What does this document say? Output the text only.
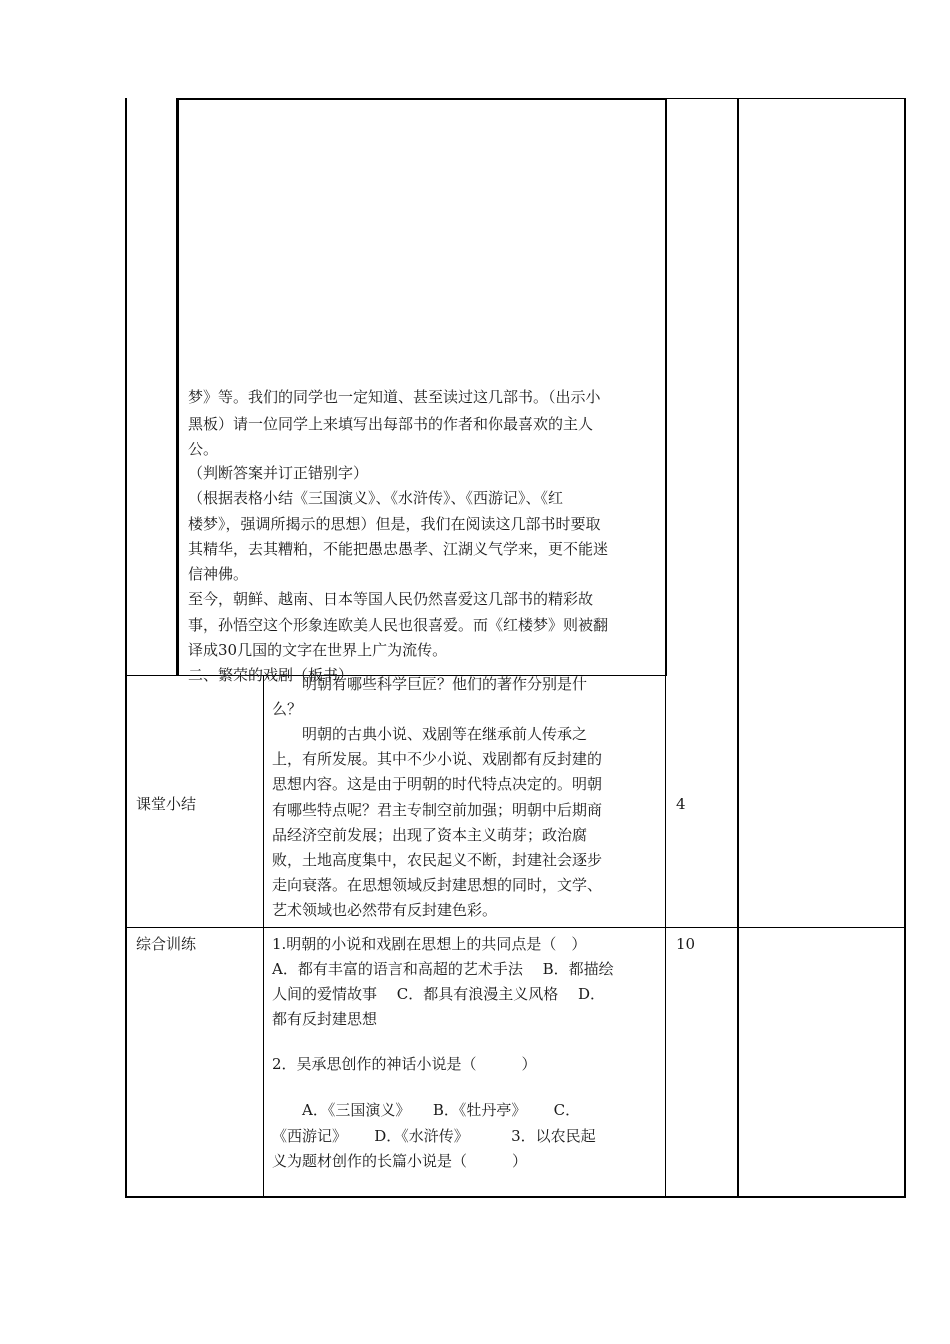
梦》等。我们的同学也一定知道、甚至读过这几部书。（出示小
黑板）请一位同学上来填写出每部书的作者和你最喜欢的主人
公。
（判断答案并订正错别字）
（根据表格小结《三国演义》、《水浒传》、《西游记》、《红
楼梦》，强调所揭示的思想）但是，我们在阅读这几部书时要取
其精华，去其糟粕，不能把愚忠愚孝、江湖义气学来，更不能迷
信神佛。
至今，朝鲜、越南、日本等国人民仍然喜爱这几部书的精彩故
事，孙悟空这个形象连欧美人民也很喜爱。而《红楼梦》则被翻
译成30几国的文字在世界上广为流传。
二、繁荣的戏剧（板书）
课堂小结	4
　　明朝有哪些科学巨匠？他们的著作分别是什
么？
　　明朝的古典小说、戏剧等在继承前人传承之
上，有所发展。其中不少小说、戏剧都有反封建的
思想内容。这是由于明朝的时代特点决定的。明朝
有哪些特点呢？君主专制空前加强；明朝中后期商
品经济空前发展；出现了资本主义萌芽；政治腐
败，土地高度集中，农民起义不断，封建社会逐步
走向衰落。在思想领域反封建思想的同时，文学、
艺术领域也必然带有反封建色彩。
综合训练	10
1.明朝的小说和戏剧在思想上的共同点是（　）
A．都有丰富的语言和高超的艺术手法　 B．都描绘
人间的爱情故事　 C．都具有浪漫主义风格　 D．
都有反封建思想
2．吴承思创作的神话小说是（　　　）
　　A．《三国演义》　　B．《牡丹亭》　　 C．
《西游记》　　 D．《水浒传》　　　 3．以农民起
义为题材创作的长篇小说是（　　　）
